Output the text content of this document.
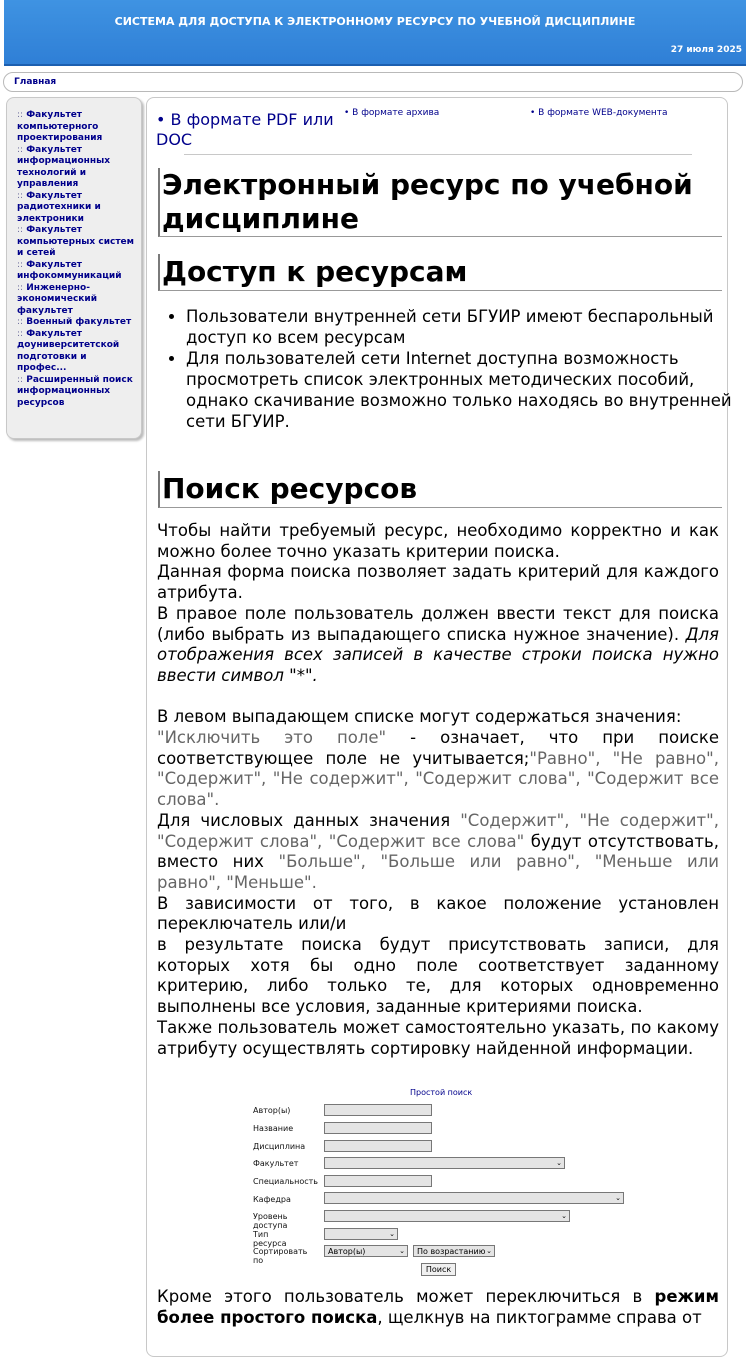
СИСТЕМА ДЛЯ ДОСТУПА К ЭЛЕКТРОННОМУ РЕСУРСУ ПО УЧЕБНОЙ ДИСЦИПЛИНЕ
27 июля 2025
Главная
:: Факультет компьютерного проектирования
:: Факультет информационных технологий и управления
:: Факультет радиотехники и электроники
:: Факультет компьютерных систем и сетей
:: Факультет инфокоммуникаций
:: Инженерно-экономический факультет
:: Военный факультет
:: Факультет доуниверситетской подготовки и профес...
:: Расширенный поиск информационных ресурсов
• В формате PDF или DOC
• В формате архива	• В формате WEB-документа
Электронный ресурс по учебной дисциплине
Доступ к ресурсам
• Пользователи внутренней сети БГУИР имеют беспарольный доступ ко всем ресурсам
• Для пользователей сети Internet доступна возможность просмотреть список электронных методических пособий, однако скачивание возможно только находясь во внутренней сети БГУИР.
Поиск ресурсов

Чтобы найти требуемый ресурс, необходимо корректно и как можно более точно указать критерии поиска.

Данная форма поиска позволяет задать критерий для каждого атрибута.

В правое поле пользователь должен ввести текст для поиска (либо выбрать из выпадающего списка нужное значение). Для отображения всех записей в качестве строки поиска нужно ввести символ "*".

В левом выпадающем списке могут содержаться значения:

"Исключить это поле" - означает, что при поиске соответствующее поле не учитывается;"Равно", "Не равно", "Содержит", "Не содержит", "Содержит слова", "Содержит все слова".

Для числовых данных значения "Содержит", "Не содержит", "Содержит слова", "Содержит все слова" будут отсутствовать, вместо них "Больше", "Больше или равно", "Меньше или равно", "Меньше".

В зависимости от того, в какое положение установлен переключатель или/и

в результате поиска будут присутствовать записи, для которых хотя бы одно поле соответствует заданному критерию, либо только те, для которых одновременно выполнены все условия, заданные критериями поиска.

Также пользователь может самостоятельно указать, по какому атрибуту осуществлять сортировку найденной информации.

Простой поиск
Автор(ы)
Название
Дисциплина
Факультет
Специальность
Кафедра
Уровень доступа
Тип ресурса
Сортировать по
⌄
⌄
⌄
⌄
Автор(ы)	⌄ По возрастанию ⌄
Поиск
Кроме этого пользователь может переключиться в режим более простого поиска, щелкнув на пиктограмме справа от
